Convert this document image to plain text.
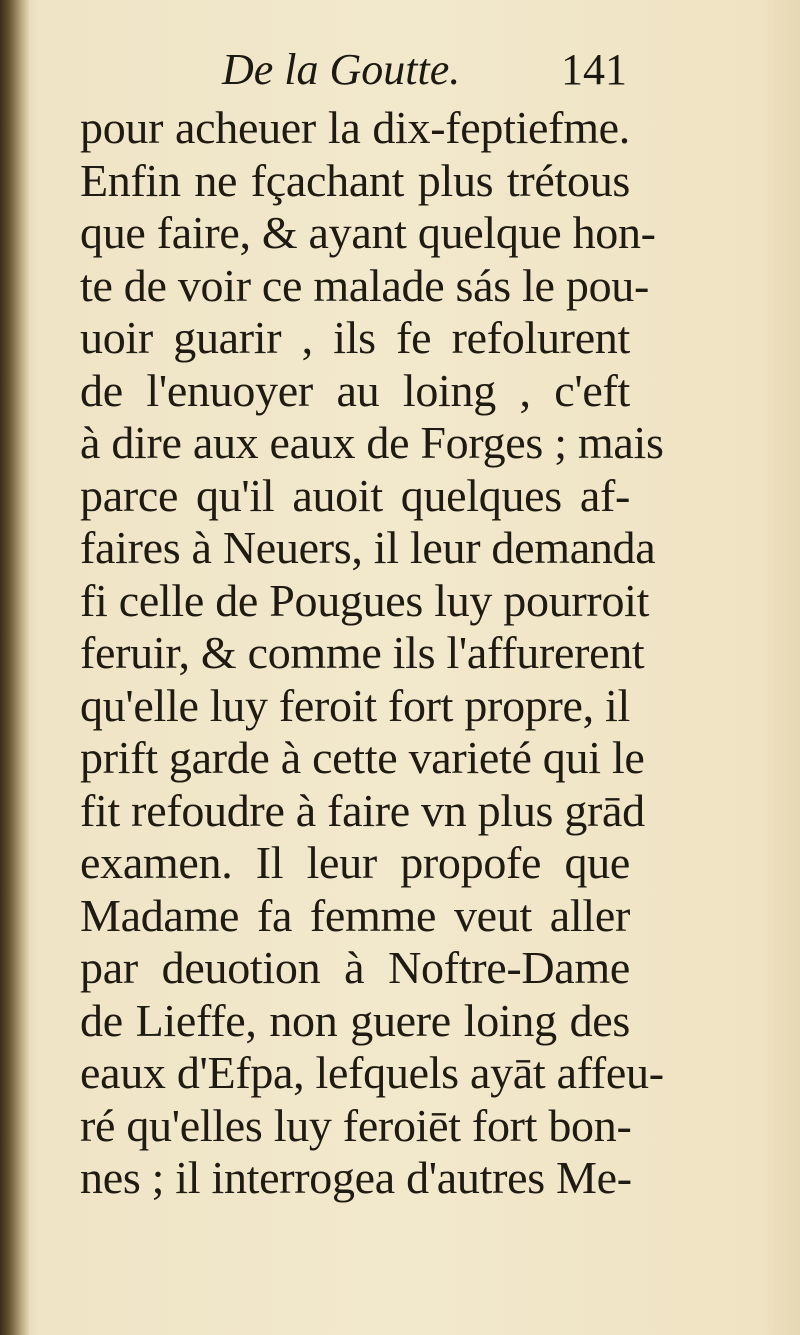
De la Goutte. 141
pour acheuer la dix-feptiefme.
Enfin ne fçachant plus trétous
que faire, & ayant quelque hon-
te de voir ce malade sás le pou-
uoir guarir , ils fe refolurent
de l'enuoyer au loing , c'eft
à dire aux eaux de Forges ; mais
parce qu'il auoit quelques af-
faires à Neuers, il leur demanda
fi celle de Pougues luy pourroit
feruir, & comme ils l'affurerent
qu'elle luy feroit fort propre, il
prift garde à cette varieté qui le
fit refoudre à faire vn plus grād
examen. Il leur propofe que
Madame fa femme veut aller
par deuotion à Noftre-Dame
de Lieffe, non guere loing des
eaux d'Efpa, lefquels ayāt affeu-
ré qu'elles luy feroiēt fort bon-
nes ; il interrogea d'autres Me-
